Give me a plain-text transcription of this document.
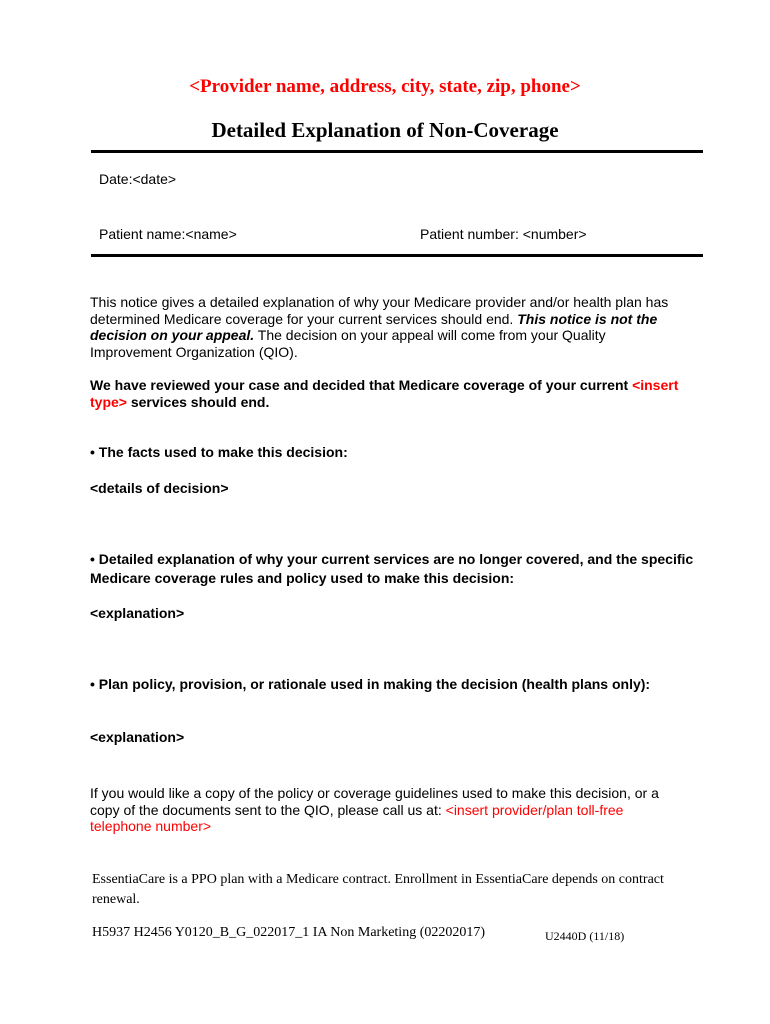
<Provider name, address, city, state, zip, phone>
Detailed Explanation of Non-Coverage
Date:<date>
Patient name:<name>	Patient number: <number>
This notice gives a detailed explanation of why your Medicare provider and/or health plan has determined Medicare coverage for your current services should end. This notice is not the decision on your appeal. The decision on your appeal will come from your Quality Improvement Organization (QIO).
We have reviewed your case and decided that Medicare coverage of your current <insert type> services should end.
• The facts used to make this decision:
<details of decision>
• Detailed explanation of why your current services are no longer covered, and the specific Medicare coverage rules and policy used to make this decision:
<explanation>
• Plan policy, provision, or rationale used in making the decision (health plans only):
<explanation>
If you would like a copy of the policy or coverage guidelines used to make this decision, or a copy of the documents sent to the QIO, please call us at: <insert provider/plan toll-free telephone number>
EssentiaCare is a PPO plan with a Medicare contract. Enrollment in EssentiaCare depends on contract renewal.
H5937 H2456 Y0120_B_G_022017_1 IA Non Marketing (02202017)	U2440D (11/18)
